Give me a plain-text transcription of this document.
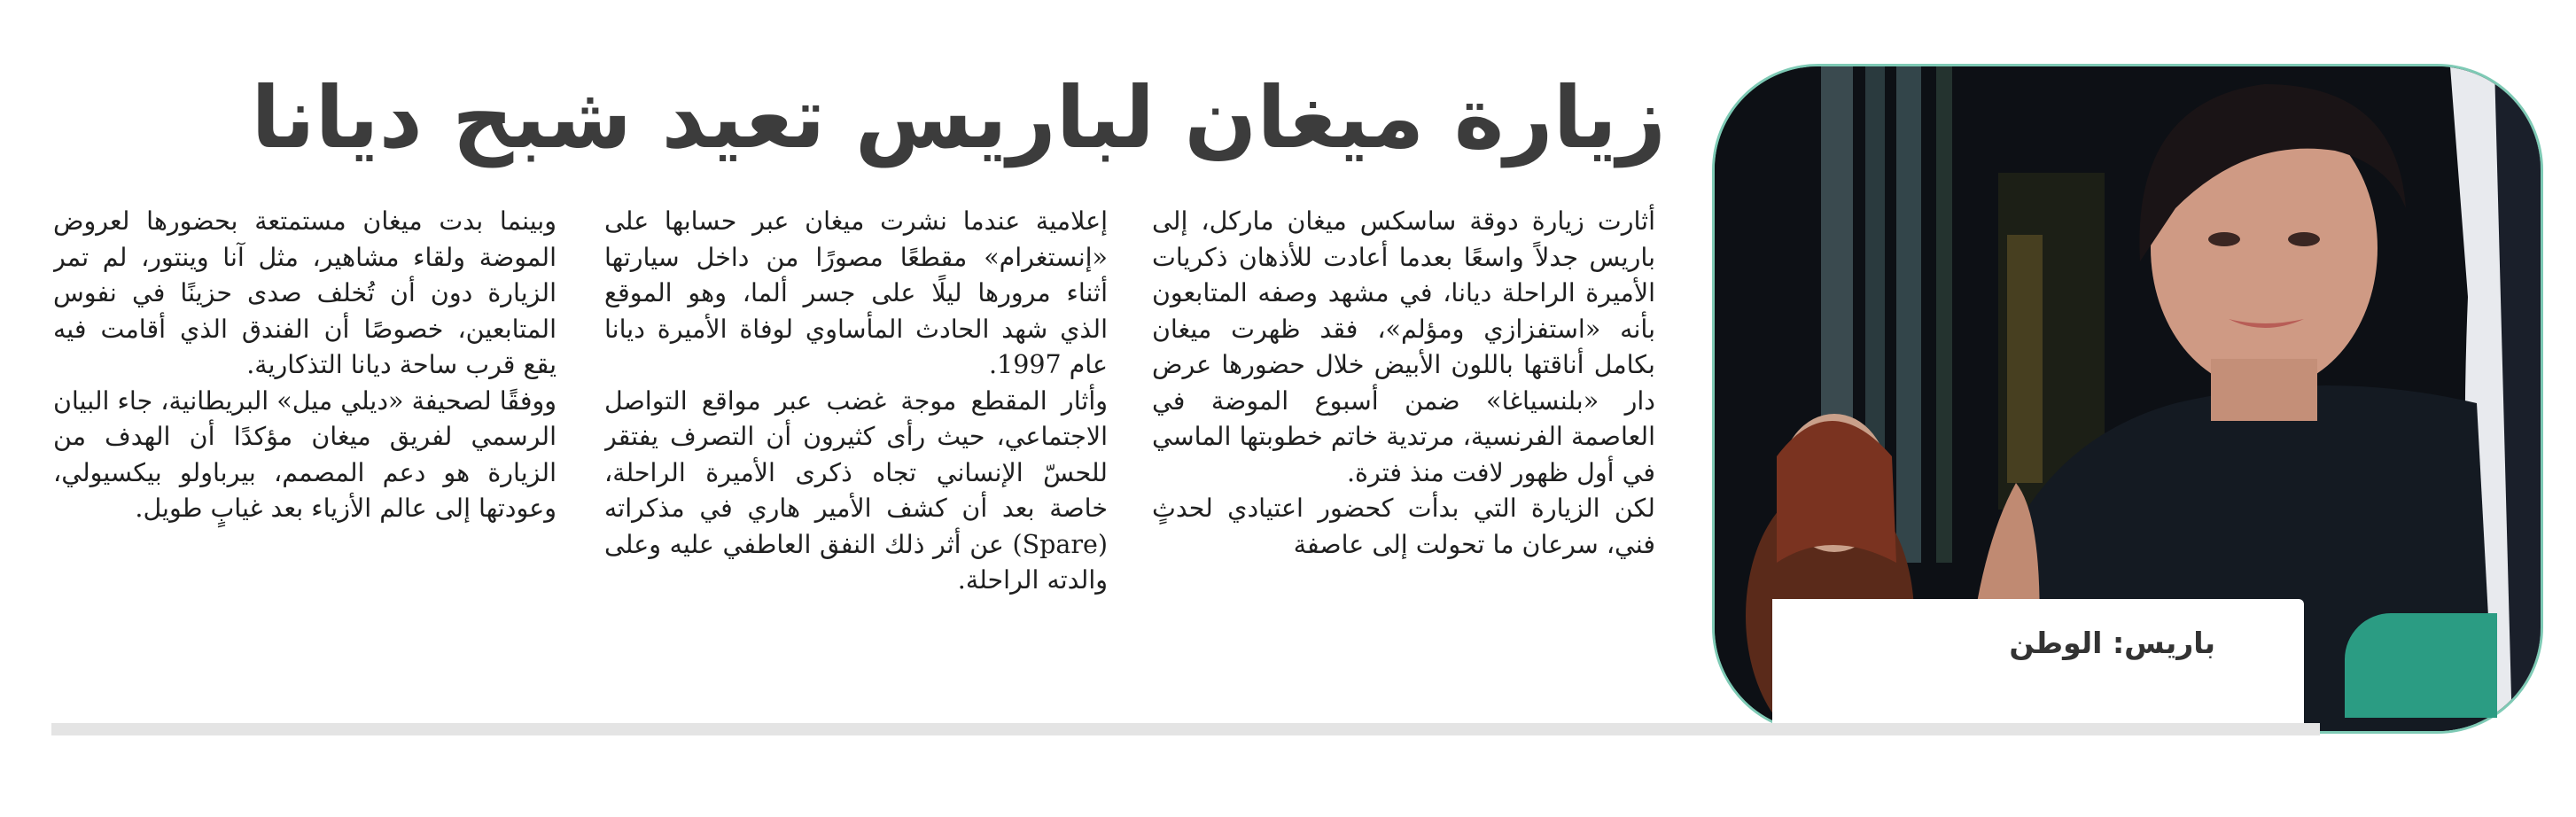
زيارة ميغان لباريس تعيد شبح ديانا

أثارت زيارة دوقة ساسكس ميغان ماركل، إلى باريس جدلاً واسعًا بعدما أعادت للأذهان ذكريات الأميرة الراحلة ديانا، في مشهد وصفه المتابعون بأنه «استفزازي ومؤلم»، فقد ظهرت ميغان بكامل أناقتها باللون الأبيض خلال حضورها عرض دار «بلنسياغا» ضمن أسبوع الموضة في العاصمة الفرنسية، مرتدية خاتم خطوبتها الماسي في أول ظهور لافت منذ فترة.

لكن الزيارة التي بدأت كحضور اعتيادي لحدثٍ فني، سرعان ما تحولت إلى عاصفة

إعلامية عندما نشرت ميغان عبر حسابها على «إنستغرام» مقطعًا مصورًا من داخل سيارتها أثناء مرورها ليلًا على جسر ألما، وهو الموقع الذي شهد الحادث المأساوي لوفاة الأميرة ديانا عام 1997.

وأثار المقطع موجة غضب عبر مواقع التواصل الاجتماعي، حيث رأى كثيرون أن التصرف يفتقر للحسّ الإنساني تجاه ذكرى الأميرة الراحلة، خاصة بعد أن كشف الأمير هاري في مذكراته (Spare) عن أثر ذلك النفق العاطفي عليه وعلى والدته الراحلة.

وبينما بدت ميغان مستمتعة بحضورها لعروض الموضة ولقاء مشاهير، مثل آنا وينتور، لم تمر الزيارة دون أن تُخلف صدى حزينًا في نفوس المتابعين، خصوصًا أن الفندق الذي أقامت فيه يقع قرب ساحة ديانا التذكارية.

ووفقًا لصحيفة «ديلي ميل» البريطانية، جاء البيان الرسمي لفريق ميغان مؤكدًا أن الهدف من الزيارة هو دعم المصمم، بيرباولو بيكسيولي، وعودتها إلى عالم الأزياء بعد غيابٍ طويل.

باريس: الوطن
